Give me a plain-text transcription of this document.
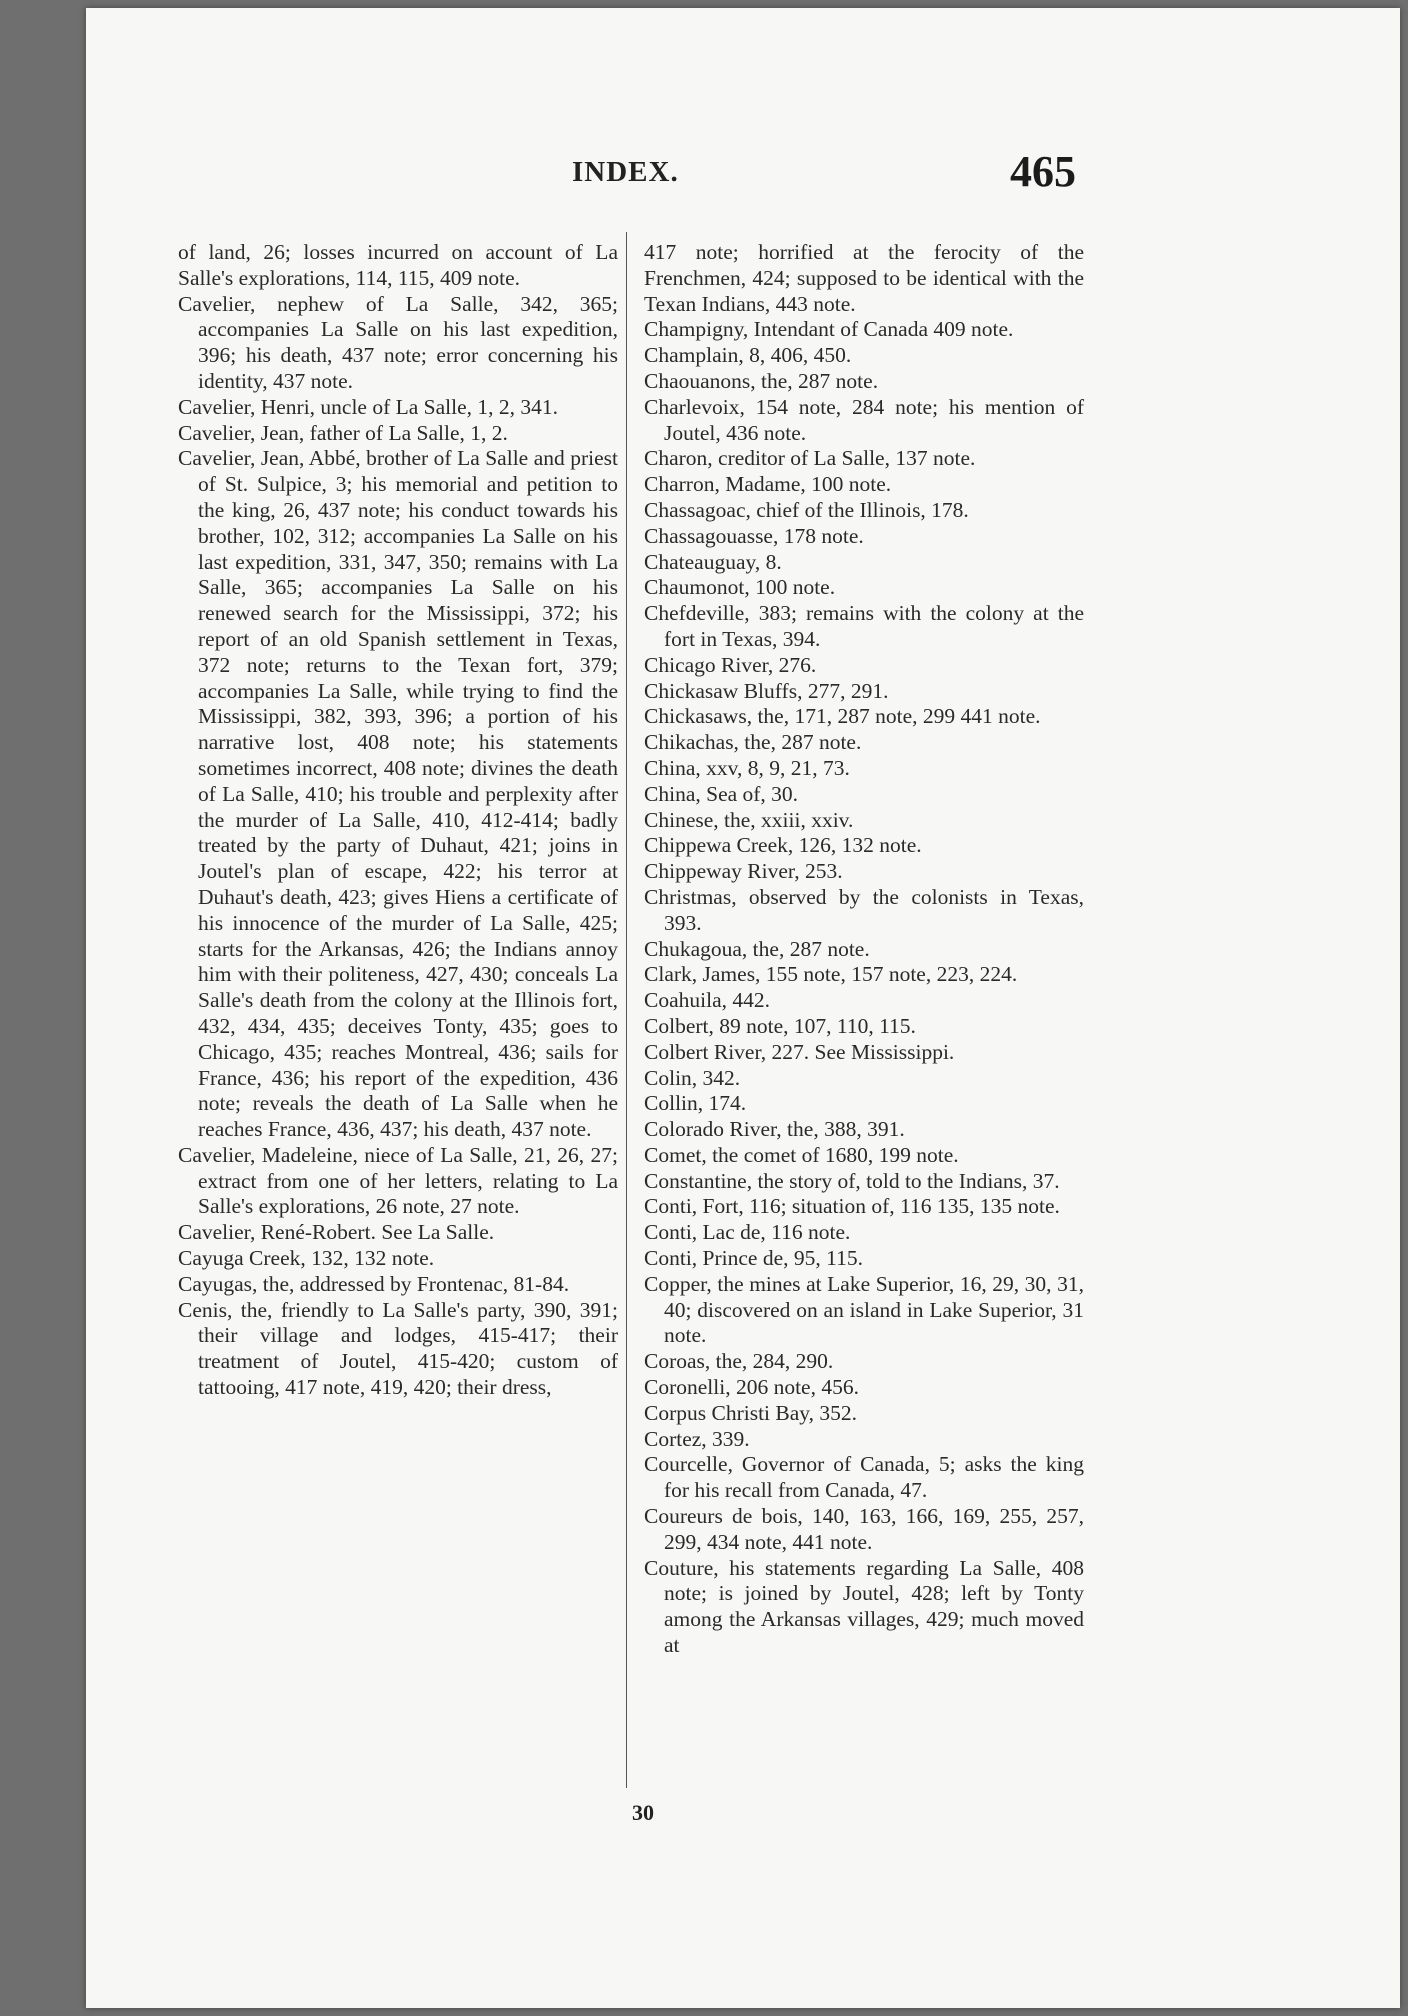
INDEX.	465

of land, 26; losses incurred on account of La Salle's explorations, 114, 115, 409 note.

Cavelier, nephew of La Salle, 342, 365; accompanies La Salle on his last expedition, 396; his death, 437 note; error concerning his identity, 437 note.

Cavelier, Henri, uncle of La Salle, 1, 2, 341.

Cavelier, Jean, father of La Salle, 1, 2.

Cavelier, Jean, Abbé, brother of La Salle and priest of St. Sulpice, 3; his memorial and petition to the king, 26, 437 note; his conduct towards his brother, 102, 312; accompanies La Salle on his last expedition, 331, 347, 350; remains with La Salle, 365; accompanies La Salle on his renewed search for the Mississippi, 372; his report of an old Spanish settlement in Texas, 372 note; returns to the Texan fort, 379; accompanies La Salle, while trying to find the Mississippi, 382, 393, 396; a portion of his narrative lost, 408 note; his statements sometimes incorrect, 408 note; divines the death of La Salle, 410; his trouble and perplexity after the murder of La Salle, 410, 412-414; badly treated by the party of Duhaut, 421; joins in Joutel's plan of escape, 422; his terror at Duhaut's death, 423; gives Hiens a certificate of his innocence of the murder of La Salle, 425; starts for the Arkansas, 426; the Indians annoy him with their politeness, 427, 430; conceals La Salle's death from the colony at the Illinois fort, 432, 434, 435; deceives Tonty, 435; goes to Chicago, 435; reaches Montreal, 436; sails for France, 436; his report of the expedition, 436 note; reveals the death of La Salle when he reaches France, 436, 437; his death, 437 note.

Cavelier, Madeleine, niece of La Salle, 21, 26, 27; extract from one of her letters, relating to La Salle's explorations, 26 note, 27 note.

Cavelier, René-Robert. See La Salle.

Cayuga Creek, 132, 132 note.

Cayugas, the, addressed by Frontenac, 81-84.

Cenis, the, friendly to La Salle's party, 390, 391; their village and lodges, 415-417; their treatment of Joutel, 415-420; custom of tattooing, 417 note, 419, 420; their dress,

417 note; horrified at the ferocity of the Frenchmen, 424; supposed to be identical with the Texan Indians, 443 note.

Champigny, Intendant of Canada 409 note.

Champlain, 8, 406, 450.

Chaouanons, the, 287 note.

Charlevoix, 154 note, 284 note; his mention of Joutel, 436 note.

Charon, creditor of La Salle, 137 note.

Charron, Madame, 100 note.

Chassagoac, chief of the Illinois, 178.

Chassagouasse, 178 note.

Chateauguay, 8.

Chaumonot, 100 note.

Chefdeville, 383; remains with the colony at the fort in Texas, 394.

Chicago River, 276.

Chickasaw Bluffs, 277, 291.

Chickasaws, the, 171, 287 note, 299 441 note.

Chikachas, the, 287 note.

China, xxv, 8, 9, 21, 73.

China, Sea of, 30.

Chinese, the, xxiii, xxiv.

Chippewa Creek, 126, 132 note.

Chippeway River, 253.

Christmas, observed by the colonists in Texas, 393.

Chukagoua, the, 287 note.

Clark, James, 155 note, 157 note, 223, 224.

Coahuila, 442.

Colbert, 89 note, 107, 110, 115.

Colbert River, 227. See Mississippi.

Colin, 342.

Collin, 174.

Colorado River, the, 388, 391.

Comet, the comet of 1680, 199 note.

Constantine, the story of, told to the Indians, 37.

Conti, Fort, 116; situation of, 116 135, 135 note.

Conti, Lac de, 116 note.

Conti, Prince de, 95, 115.

Copper, the mines at Lake Superior, 16, 29, 30, 31, 40; discovered on an island in Lake Superior, 31 note.

Coroas, the, 284, 290.

Coronelli, 206 note, 456.

Corpus Christi Bay, 352.

Cortez, 339.

Courcelle, Governor of Canada, 5; asks the king for his recall from Canada, 47.

Coureurs de bois, 140, 163, 166, 169, 255, 257, 299, 434 note, 441 note.

Couture, his statements regarding La Salle, 408 note; is joined by Joutel, 428; left by Tonty among the Arkansas villages, 429; much moved at

30
